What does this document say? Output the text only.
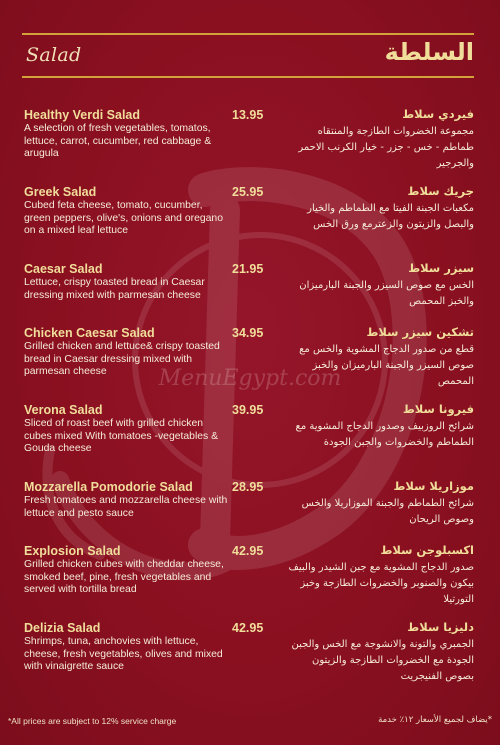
MenuEgypt.com
Salad	السلطة
Healthy Verdi Salad
A selection of fresh vegetables, tomatos, lettuce, carrot, cucumber, red cabbage & arugula
13.95	فيردي سلاط
مجموعة الخضروات الطازجة والمنتقاه طماطم - خس - جزر - خيار الكرنب الاحمر والجرجير
Greek Salad
Cubed feta cheese, tomato, cucumber, green peppers, olive's, onions and oregano on a mixed leaf lettuce
25.95	جريك سلاط
مكعبات الجبنة الفيتا مع الطماطم والخيار والبصل والزيتون والزعترمع ورق الخس
Caesar Salad
Lettuce, crispy toasted bread in Caesar dressing mixed with parmesan cheese
21.95	سيزر سلاط
الخس مع صوص السيزر والجبنة البارميزان والخبز المحمص
Chicken Caesar Salad
Grilled chicken and lettuce& crispy toasted bread in Caesar dressing mixed with parmesan cheese
34.95	تشكين سيزر سلاط
قطع من صدور الدجاج المشوية والخس مع صوص السيزر والجبنة البارميزان والخبز المحمص
Verona Salad
Sliced of roast beef with grilled chicken cubes mixed With tomatoes -vegetables & Gouda cheese
39.95	فيرونا سلاط
شرائح الروزبيف وصدور الدجاج المشوية مع الطماطم والخضروات والجبن الجودة
Mozzarella Pomodorie Salad
Fresh tomatoes and mozzarella cheese with lettuce and pesto sauce
28.95	موزاريلا سلاط
شرائح الطماطم والجبنة الموزاريلا والخس وصوص الريحان
Explosion Salad
Grilled chicken cubes with cheddar cheese, smoked beef, pine, fresh vegetables and served with tortilla bread
42.95	اكسبلوجن سلاط
صدور الدجاج المشوية مع جبن الشيدر والبيف بيكون والصنوبر والخضروات الطازجة وخبز التورتيلا
Delizia Salad
Shrimps, tuna, anchovies with lettuce, cheese, fresh vegetables, olives and mixed with vinaigrette sauce
42.95	دليزيا سلاط
الجمبري والتونة والانشوجة مع الخس والجبن الجودة مع الخضروات الطازجة والزيتون بصوص الفنيجريت
*All prices are subject to 12% service charge	*يضاف لجميع الأسعار ١٢٪ خدمة
